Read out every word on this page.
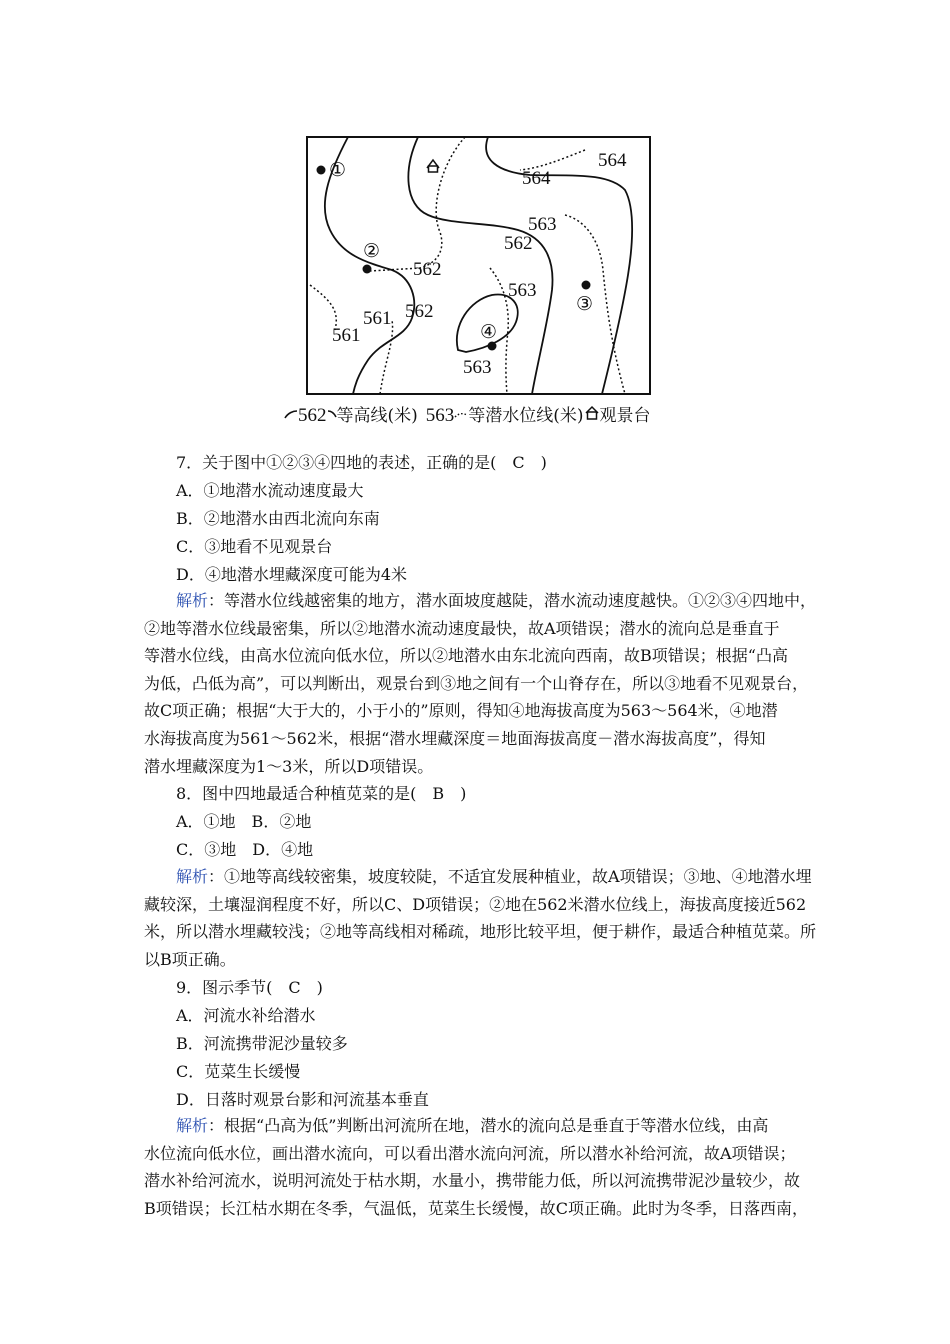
①
②
③
④
564
562
562
561
563
564
563
562
561
563
562 等高线(米) 563 等潜水位线(米) 观景台
7．关于图中①②③④四地的表述，正确的是(　C　)
A．①地潜水流动速度最大
B．②地潜水由西北流向东南
C．③地看不见观景台
D．④地潜水埋藏深度可能为4米
解析：等潜水位线越密集的地方，潜水面坡度越陡，潜水流动速度越快。①②③④四地中，
②地等潜水位线最密集，所以②地潜水流动速度最快，故A项错误；潜水的流向总是垂直于
等潜水位线，由高水位流向低水位，所以②地潜水由东北流向西南，故B项错误；根据“凸高
为低，凸低为高”，可以判断出，观景台到③地之间有一个山脊存在，所以③地看不见观景台，
故C项正确；根据“大于大的，小于小的”原则，得知④地海拔高度为563～564米，④地潜
水海拔高度为561～562米，根据“潜水埋藏深度＝地面海拔高度－潜水海拔高度”，得知
潜水埋藏深度为1～3米，所以D项错误。
8．图中四地最适合种植苋菜的是(　B　)
A．①地　B．②地
C．③地　D．④地
解析：①地等高线较密集，坡度较陡，不适宜发展种植业，故A项错误；③地、④地潜水埋
藏较深，土壤湿润程度不好，所以C、D项错误；②地在562米潜水位线上，海拔高度接近562
米，所以潜水埋藏较浅；②地等高线相对稀疏，地形比较平坦，便于耕作，最适合种植苋菜。所
以B项正确。
9．图示季节(　C　)
A．河流水补给潜水
B．河流携带泥沙量较多
C．苋菜生长缓慢
D．日落时观景台影和河流基本垂直
解析：根据“凸高为低”判断出河流所在地，潜水的流向总是垂直于等潜水位线，由高
水位流向低水位，画出潜水流向，可以看出潜水流向河流，所以潜水补给河流，故A项错误；
潜水补给河流水，说明河流处于枯水期，水量小，携带能力低，所以河流携带泥沙量较少，故
B项错误；长江枯水期在冬季，气温低，苋菜生长缓慢，故C项正确。此时为冬季，日落西南，
